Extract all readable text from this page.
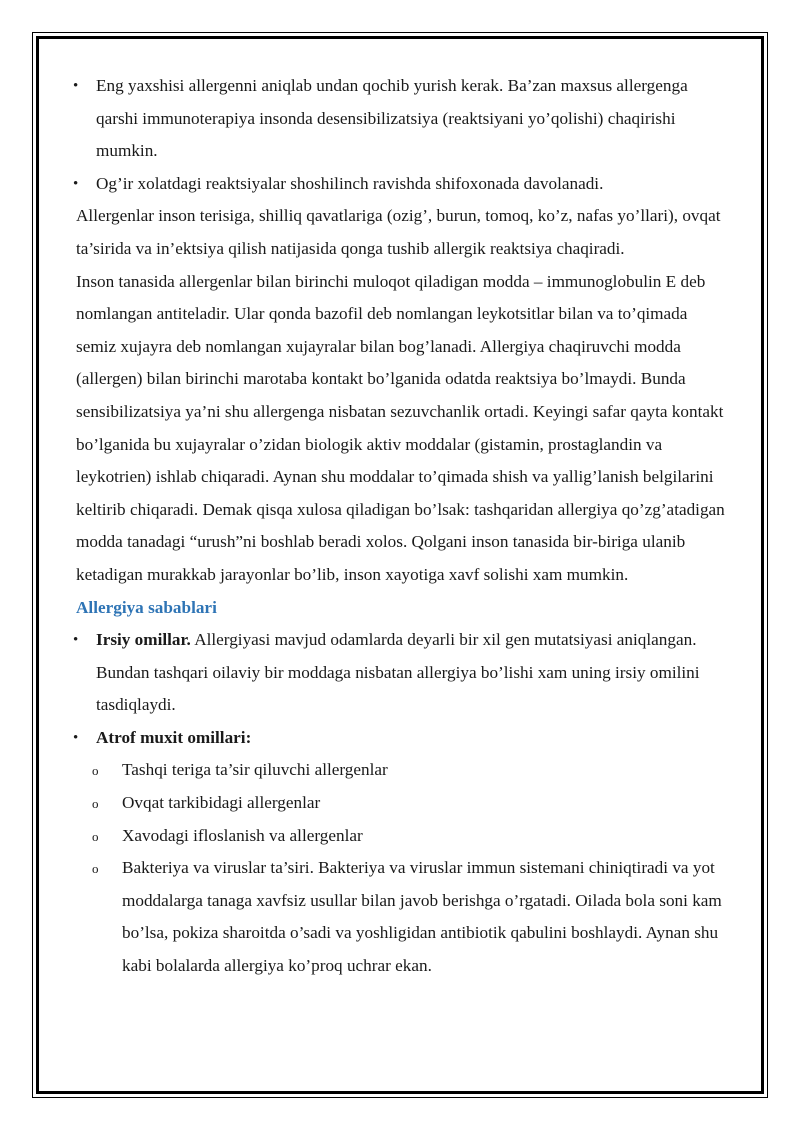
• Eng yaxshisi allergenni aniqlab undan qochib yurish kerak. Ba’zan maxsus allergenga qarshi immunoterapiya insonda desensibilizatsiya (reaktsiyani yo’qolishi) chaqirishi mumkin.
• Og’ir xolatdagi reaktsiyalar shoshilinch ravishda shifoxonada davolanadi.

Allergenlar inson terisiga, shilliq qavatlariga (ozig’, burun, tomoq, ko’z, nafas yo’llari), ovqat ta’sirida va in’ektsiya qilish natijasida qonga tushib allergik reaktsiya chaqiradi.

Inson tanasida allergenlar bilan birinchi muloqot qiladigan modda – immunoglobulin E deb nomlangan antiteladir. Ular qonda bazofil deb nomlangan leykotsitlar bilan va to’qimada semiz xujayra deb nomlangan xujayralar bilan bog’lanadi. Allergiya chaqiruvchi modda (allergen) bilan birinchi marotaba kontakt bo’lganida odatda reaktsiya bo’lmaydi. Bunda sensibilizatsiya ya’ni shu allergenga nisbatan sezuvchanlik ortadi. Keyingi safar qayta kontakt bo’lganida bu xujayralar o’zidan biologik aktiv moddalar (gistamin, prostaglandin va leykotrien) ishlab chiqaradi. Aynan shu moddalar to’qimada shish va yallig’lanish belgilarini keltirib chiqaradi. Demak qisqa xulosa qiladigan bo’lsak: tashqaridan allergiya qo’zg’atadigan modda tanadagi “urush”ni boshlab beradi xolos. Qolgani inson tanasida bir-biriga ulanib ketadigan murakkab jarayonlar bo’lib, inson xayotiga xavf solishi xam mumkin.

Allergiya sabablari
• Irsiy omillar. Allergiyasi mavjud odamlarda deyarli bir xil gen mutatsiyasi aniqlangan. Bundan tashqari oilaviy bir moddaga nisbatan allergiya bo’lishi xam uning irsiy omilini tasdiqlaydi.
• Atrof muxit omillari:
o Tashqi teriga ta’sir qiluvchi allergenlar
o Ovqat tarkibidagi allergenlar
o Xavodagi ifloslanish va allergenlar
o Bakteriya va viruslar ta’siri. Bakteriya va viruslar immun sistemani chiniqtiradi va yot moddalarga tanaga xavfsiz usullar bilan javob berishga o’rgatadi. Oilada bola soni kam bo’lsa, pokiza sharoitda o’sadi va yoshligidan antibiotik qabulini boshlaydi. Aynan shu kabi bolalarda allergiya ko’proq uchrar ekan.
